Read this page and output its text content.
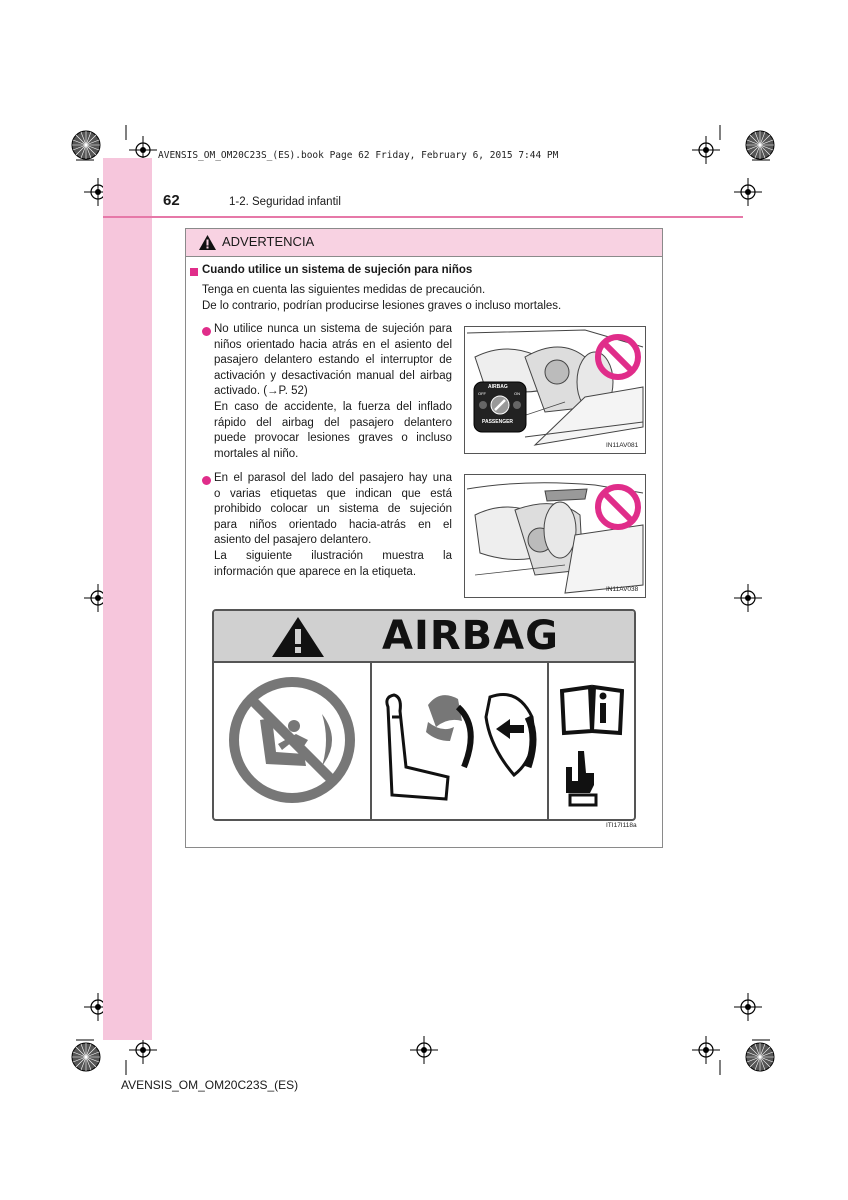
AVENSIS_OM_OM20C23S_(ES).book Page 62 Friday, February 6, 2015 7:44 PM
62	1-2. Seguridad infantil
ADVERTENCIA
Cuando utilice un sistema de sujeción para niños
Tenga en cuenta las siguientes medidas de precaución.
De lo contrario, podrían producirse lesiones graves o incluso mortales.
No utilice nunca un sistema de sujeción para
niños orientado hacia atrás en el asiento del
pasajero delantero estando el interruptor de
activación y desactivación manual del airbag
activado. (→P. 52)
En caso de accidente, la fuerza del inflado
rápido del airbag del pasajero delantero
puede provocar lesiones graves o incluso
mortales al niño.
AIRBAG
OFF	ON
PASSENGER
IN11AV081
En el parasol del lado del pasajero hay una
o varias etiquetas que indican que está
prohibido colocar un sistema de sujeción
para niños orientado hacia-atrás en el
asiento del pasajero delantero.
La siguiente ilustración muestra la
información que aparece en la etiqueta.
IN11AV038
AIRBAG
ITI17I118a
AVENSIS_OM_OM20C23S_(ES)
